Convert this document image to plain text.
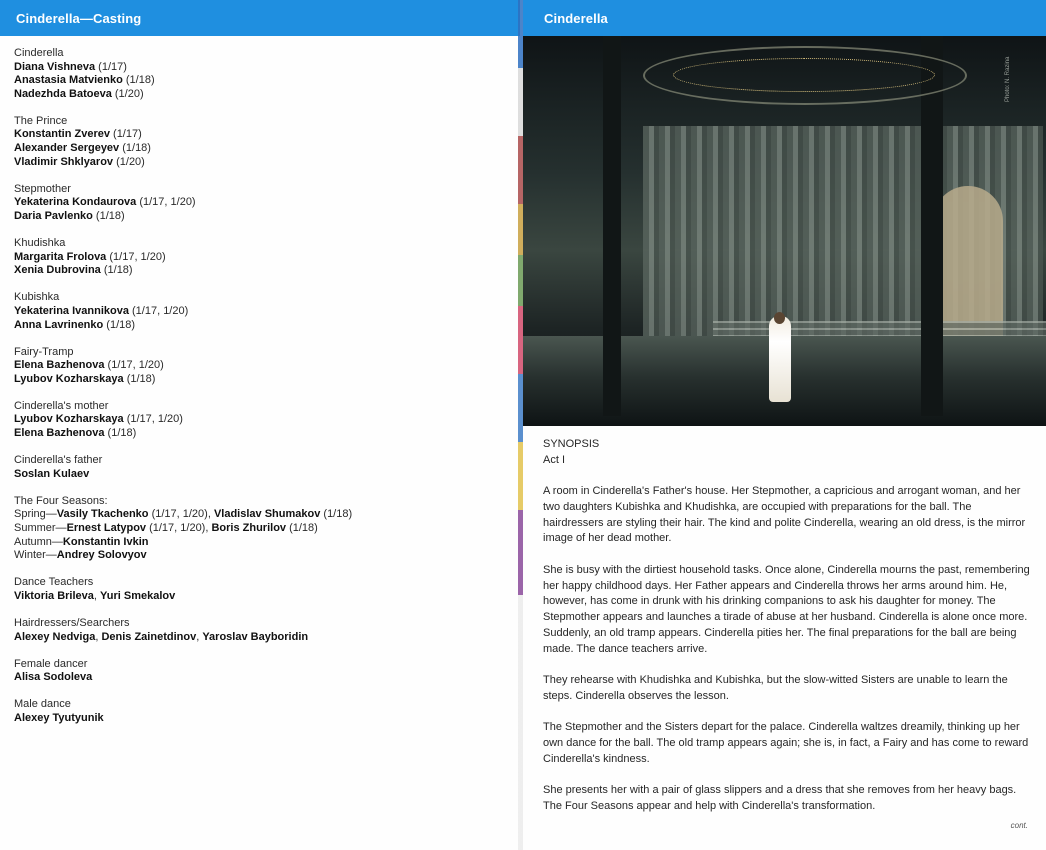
Cinderella—Casting
Cinderella
Diana Vishneva (1/17)
Anastasia Matvienko (1/18)
Nadezhda Batoeva (1/20)
The Prince
Konstantin Zverev (1/17)
Alexander Sergeyev (1/18)
Vladimir Shklyarov (1/20)
Stepmother
Yekaterina Kondaurova (1/17, 1/20)
Daria Pavlenko (1/18)
Khudishka
Margarita Frolova (1/17, 1/20)
Xenia Dubrovina (1/18)
Kubishka
Yekaterina Ivannikova (1/17, 1/20)
Anna Lavrinenko (1/18)
Fairy-Tramp
Elena Bazhenova (1/17, 1/20)
Lyubov Kozharskaya (1/18)
Cinderella's mother
Lyubov Kozharskaya (1/17, 1/20)
Elena Bazhenova (1/18)
Cinderella's father
Soslan Kulaev
The Four Seasons:
Spring—Vasily Tkachenko (1/17, 1/20), Vladislav Shumakov (1/18)
Summer—Ernest Latypov (1/17, 1/20), Boris Zhurilov (1/18)
Autumn—Konstantin Ivkin
Winter—Andrey Solovyov
Dance Teachers
Viktoria Brileva, Yuri Smekalov
Hairdressers/Searchers
Alexey Nedviga, Denis Zainetdinov, Yaroslav Bayboridin
Female dancer
Alisa Sodoleva
Male dance
Alexey Tyutyunik
Cinderella
Photo: N. Razina
SYNOPSIS
Act I

A room in Cinderella's Father's house. Her Stepmother, a capricious and arrogant woman, and her two daughters Kubishka and Khudishka, are occupied with preparations for the ball. The hairdressers are styling their hair. The kind and polite Cinderella, wearing an old dress, is the mirror image of her dead mother.

She is busy with the dirtiest household tasks. Once alone, Cinderella mourns the past, remembering her happy childhood days. Her Father appears and Cinderella throws her arms around him. He, however, has come in drunk with his drinking companions to ask his daughter for money. The Stepmother appears and launches a tirade of abuse at her husband. Cinderella is alone once more. Suddenly, an old tramp appears. Cinderella pities her. The final preparations for the ball are being made. The dance teachers arrive.

They rehearse with Khudishka and Kubishka, but the slow-witted Sisters are unable to learn the steps. Cinderella observes the lesson.

The Stepmother and the Sisters depart for the palace. Cinderella waltzes dreamily, thinking up her own dance for the ball. The old tramp appears again; she is, in fact, a Fairy and has come to reward Cinderella's kindness.

She presents her with a pair of glass slippers and a dress that she removes from her heavy bags. The Four Seasons appear and help with Cinderella's transformation.

cont.
